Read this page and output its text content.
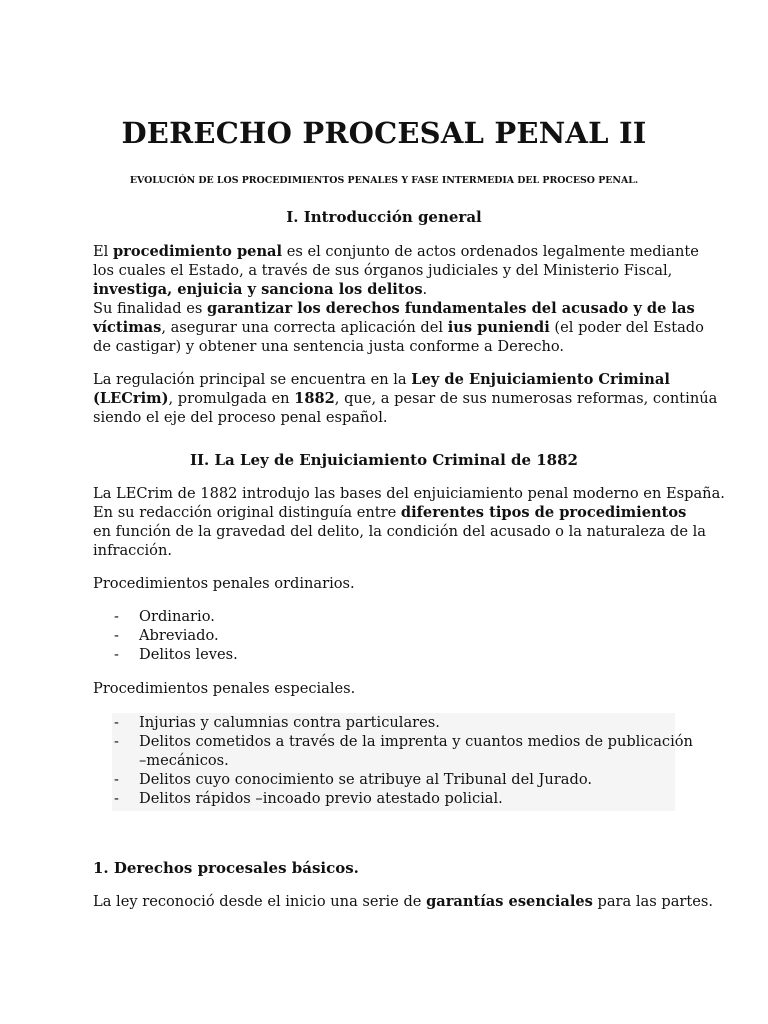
DERECHO PROCESAL PENAL II
EVOLUCIÓN DE LOS PROCEDIMIENTOS PENALES Y FASE INTERMEDIA DEL PROCESO PENAL.
I. Introducción general
El procedimiento penal es el conjunto de actos ordenados legalmente mediante
los cuales el Estado, a través de sus órganos judiciales y del Ministerio Fiscal,
investiga, enjuicia y sanciona los delitos.
Su finalidad es garantizar los derechos fundamentales del acusado y de las
víctimas, asegurar una correcta aplicación del ius puniendi (el poder del Estado
de castigar) y obtener una sentencia justa conforme a Derecho.
La regulación principal se encuentra en la Ley de Enjuiciamiento Criminal
(LECrim), promulgada en 1882, que, a pesar de sus numerosas reformas, continúa
siendo el eje del proceso penal español.
II. La Ley de Enjuiciamiento Criminal de 1882
La LECrim de 1882 introdujo las bases del enjuiciamiento penal moderno en España.
En su redacción original distinguía entre diferentes tipos de procedimientos
en función de la gravedad del delito, la condición del acusado o la naturaleza de la
infracción.
Procedimientos penales ordinarios.
- Ordinario.
- Abreviado.
- Delitos leves.
Procedimientos penales especiales.
- Injurias y calumnias contra particulares.
- Delitos cometidos a través de la imprenta y cuantos medios de publicación
–mecánicos.
- Delitos cuyo conocimiento se atribuye al Tribunal del Jurado.
- Delitos rápidos –incoado previo atestado policial.
1. Derechos procesales básicos.
La ley reconoció desde el inicio una serie de garantías esenciales para las partes.
